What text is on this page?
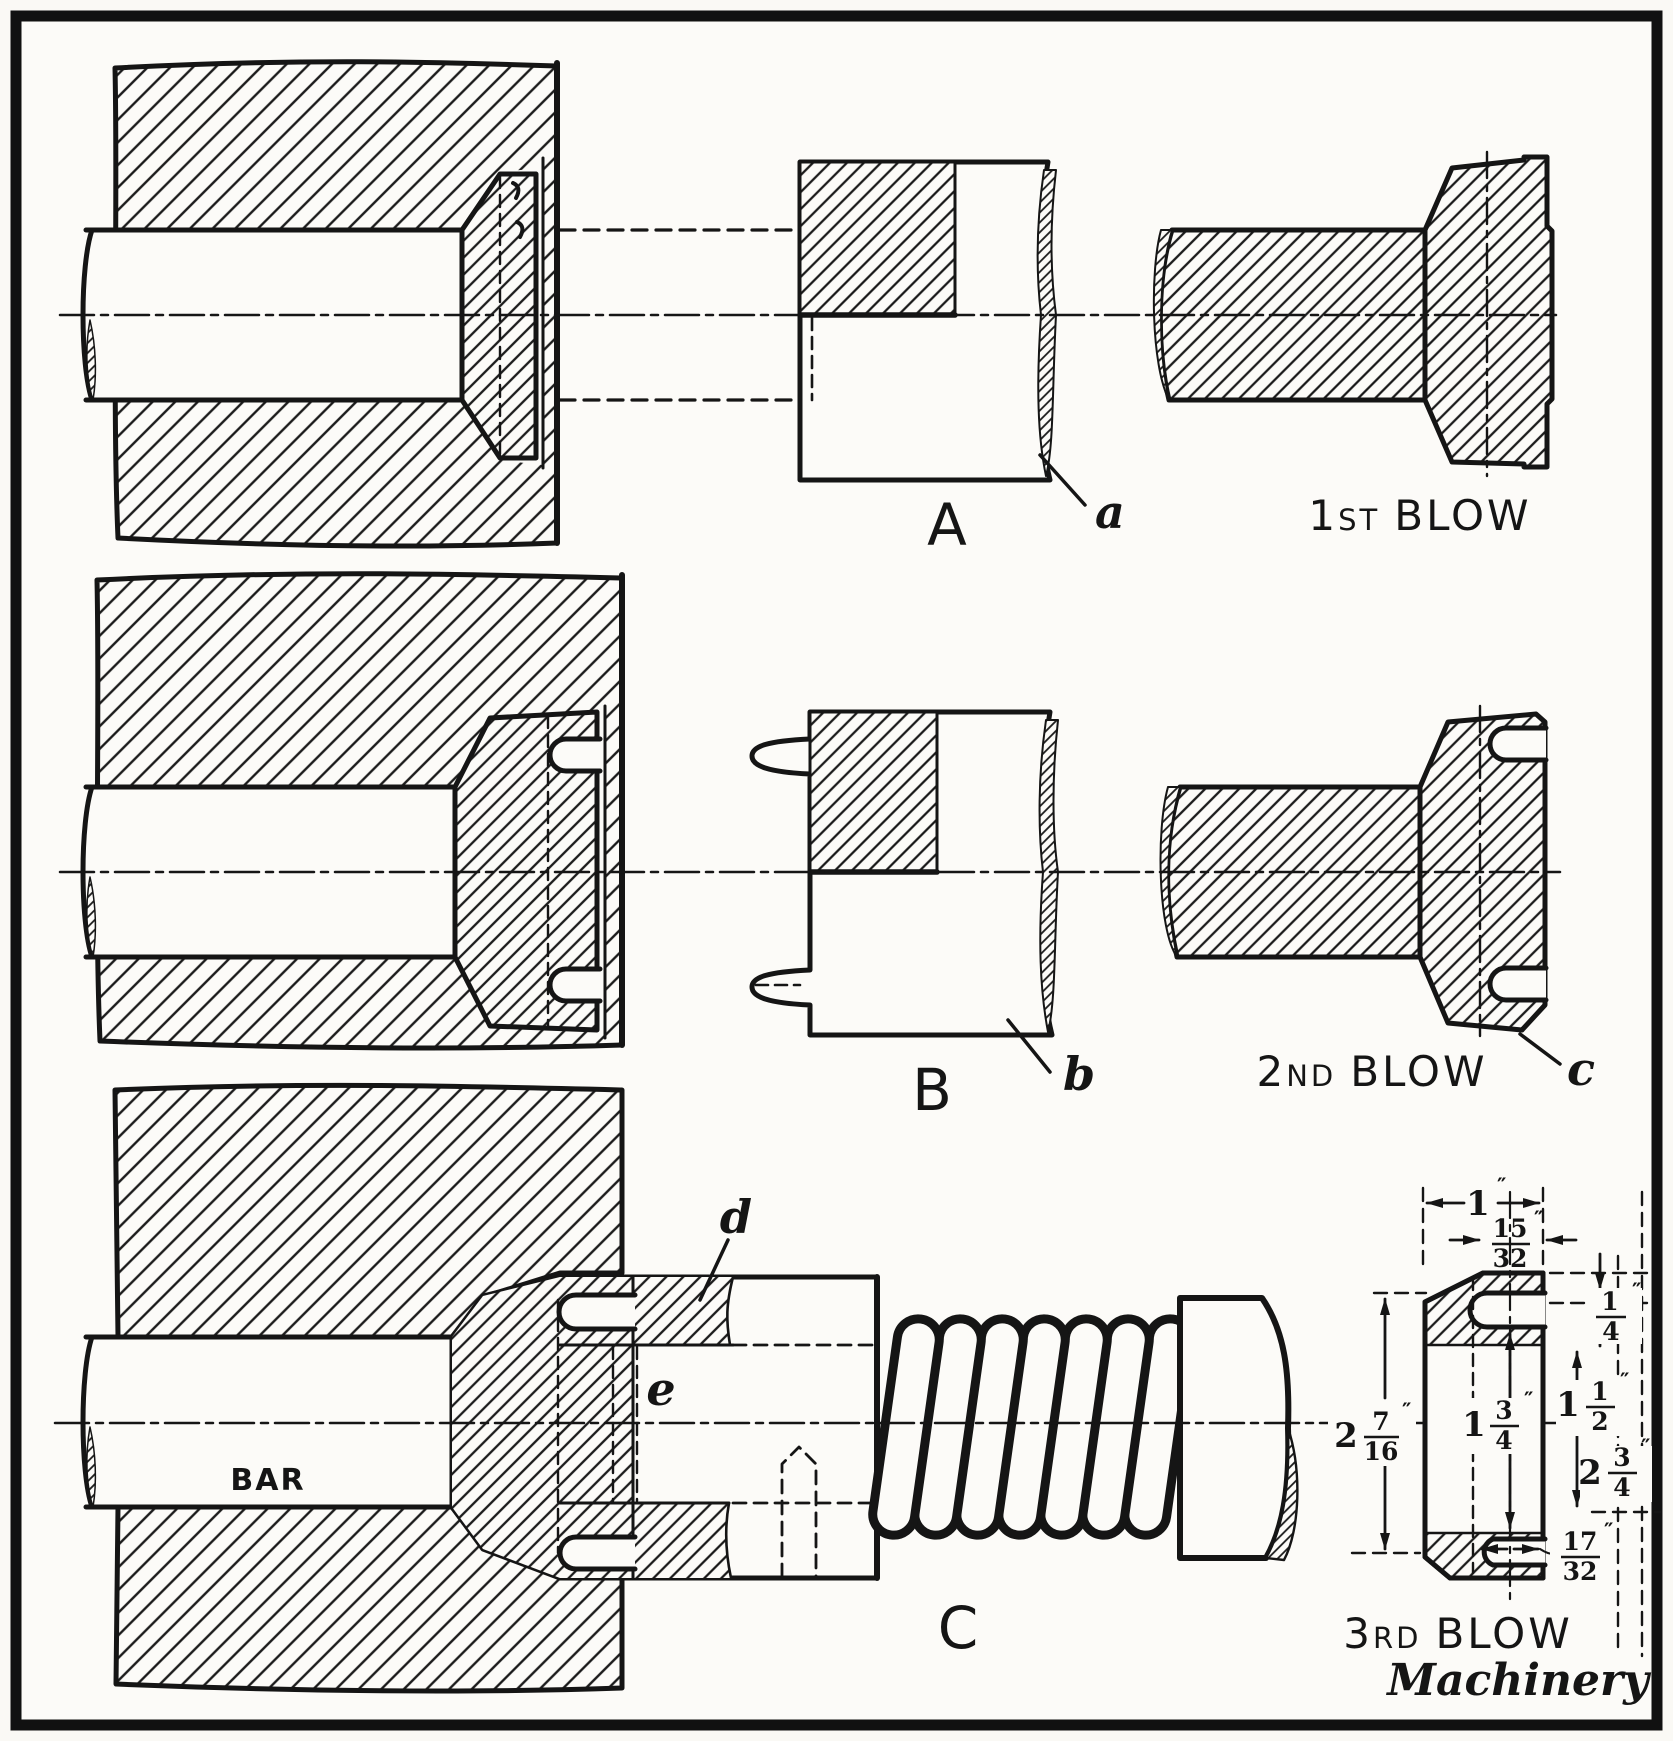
A	a	1ST BLOW
B b	c
2ND BLOW
C
d
e
BAR
3RD BLOW
Machinery
1 ″
15
32
″
1
4
″
1 1
2
″
2 3
4
″
2 7
16
″ 1 3
4
″
17
32
″
